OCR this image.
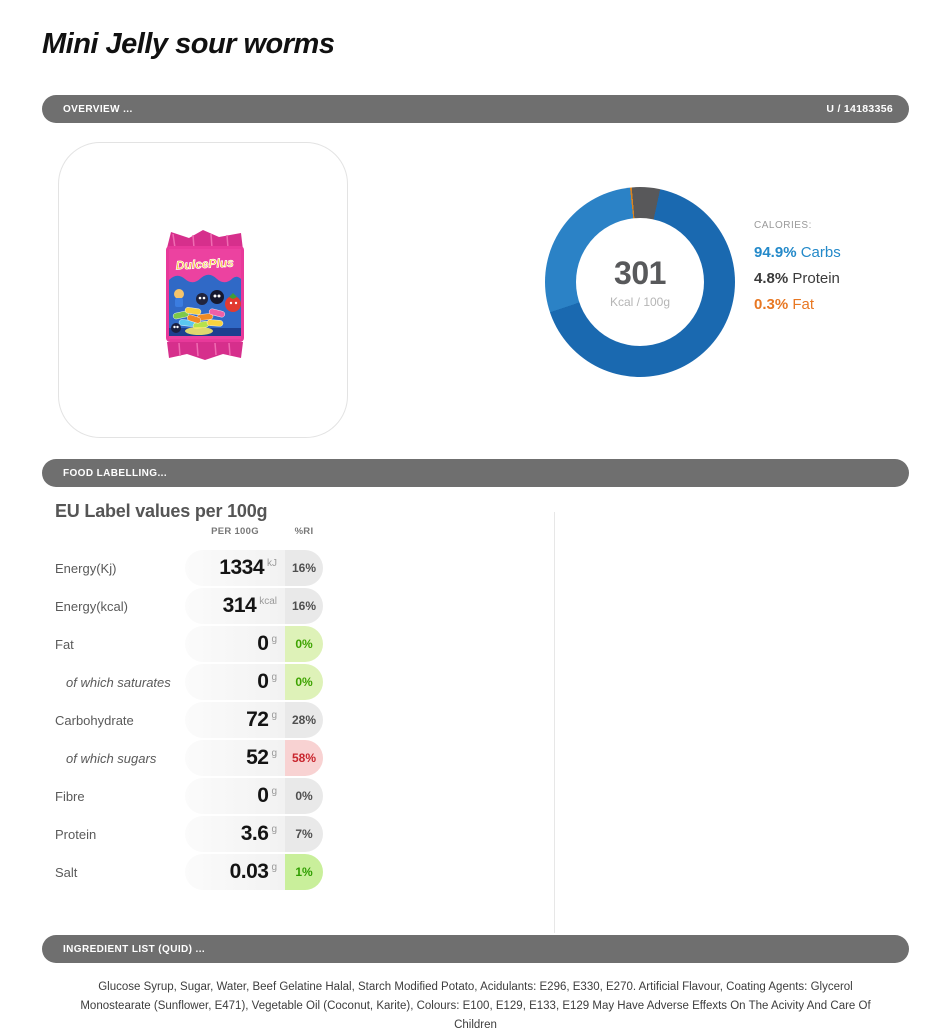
Mini Jelly sour worms
OVERVIEW ...	U / 14183356
DulcePlus	301
Kcal / 100g
CALORIES:
94.9% Carbs
4.8% Protein
0.3% Fat
FOOD LABELLING...
EU Label values per 100g
PER 100G	%RI
Energy(Kj)	1334 kJ	16%
Energy(kcal)	314 kcal	16%
Fat	0 g	0%
of which saturates	0 g	0%
Carbohydrate	72 g	28%
of which sugars	52 g	58%
Fibre	0 g	0%
Protein	3.6 g	7%
Salt	0.03 g	1%
INGREDIENT LIST (QUID) ...

Glucose Syrup, Sugar, Water, Beef Gelatine Halal, Starch Modified Potato, Acidulants: E296, E330, E270. Artificial Flavour, Coating Agents: Glycerol Monostearate (Sunflower, E471), Vegetable Oil (Coconut, Karite), Colours: E100, E129, E133, E129 May Have Adverse Effexts On The Acivity And Care Of Children
